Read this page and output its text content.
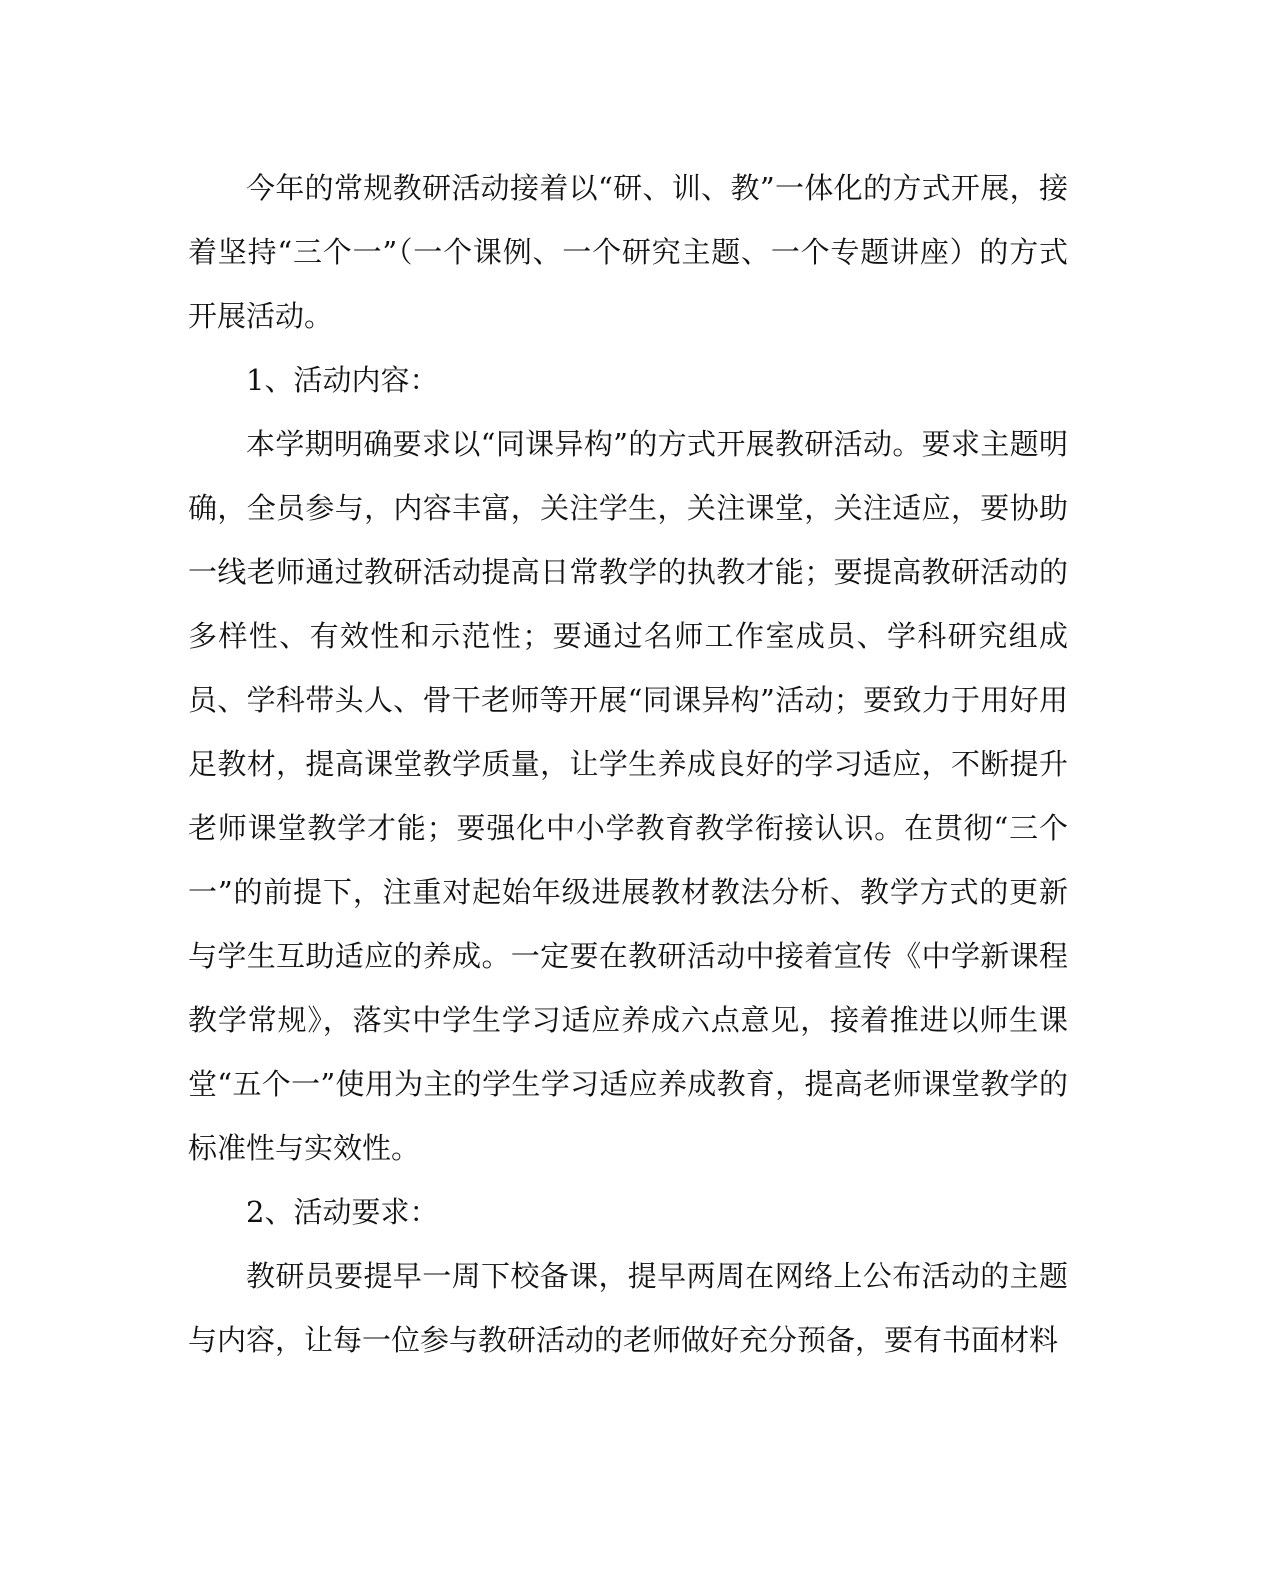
今年的常规教研活动接着以“研、训、教”一体化的方式开展，接着坚持“三个一”（一个课例、一个研究主题、一个专题讲座）的方式开展活动。

1、活动内容：

本学期明确要求以“同课异构”的方式开展教研活动。要求主题明确，全员参与，内容丰富，关注学生，关注课堂，关注适应，要协助一线老师通过教研活动提高日常教学的执教才能；要提高教研活动的多样性、有效性和示范性；要通过名师工作室成员、学科研究组成员、学科带头人、骨干老师等开展“同课异构”活动；要致力于用好用足教材，提高课堂教学质量，让学生养成良好的学习适应，不断提升老师课堂教学才能；要强化中小学教育教学衔接认识。在贯彻“三个一”的前提下，注重对起始年级进展教材教法分析、教学方式的更新与学生互助适应的养成。一定要在教研活动中接着宣传《中学新课程教学常规》，落实中学生学习适应养成六点意见，接着推进以师生课堂“五个一”使用为主的学生学习适应养成教育，提高老师课堂教学的标准性与实效性。

2、活动要求：

教研员要提早一周下校备课，提早两周在网络上公布活动的主题与内容，让每一位参与教研活动的老师做好充分预备，要有书面材料
